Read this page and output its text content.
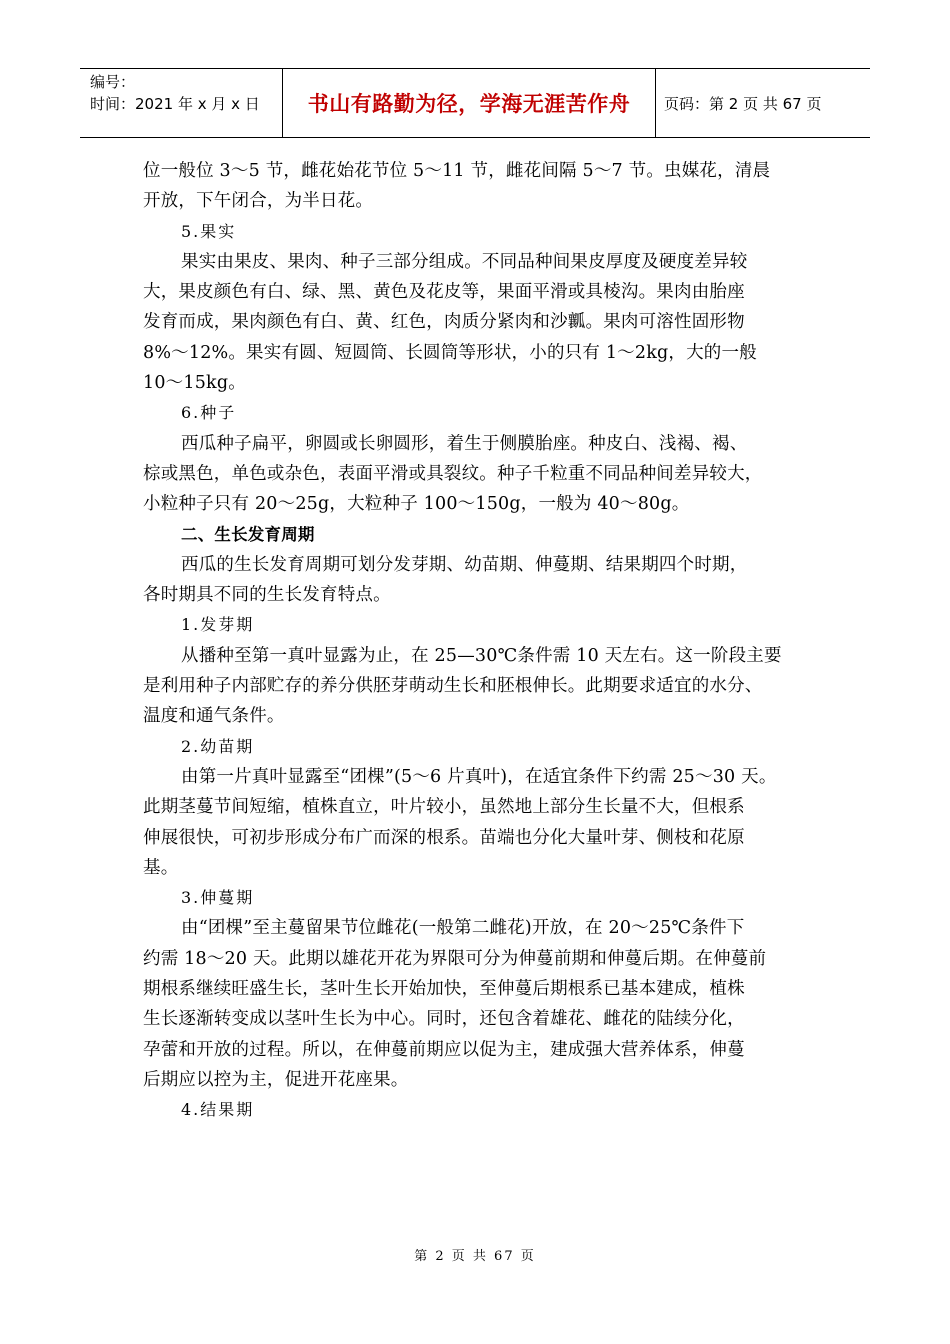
编号：
时间：2021 年 x 月 x 日	书山有路勤为径，学海无涯苦作舟	页码：第 2 页 共 67 页
位一般位 3～5 节，雌花始花节位 5～11 节，雌花间隔 5～7 节。虫媒花，清晨
开放，下午闭合，为半日花。
5.果实
果实由果皮、果肉、种子三部分组成。不同品种间果皮厚度及硬度差异较
大，果皮颜色有白、绿、黑、黄色及花皮等，果面平滑或具棱沟。果肉由胎座
发育而成，果肉颜色有白、黄、红色，肉质分紧肉和沙瓤。果肉可溶性固形物
8%～12%。果实有圆、短圆筒、长圆筒等形状，小的只有 1～2kg，大的一般
10～15kg。
6.种子
西瓜种子扁平，卵圆或长卵圆形，着生于侧膜胎座。种皮白、浅褐、褐、
棕或黑色，单色或杂色，表面平滑或具裂纹。种子千粒重不同品种间差异较大，
小粒种子只有 20～25g，大粒种子 100～150g，一般为 40～80g。
二、生长发育周期
西瓜的生长发育周期可划分发芽期、幼苗期、伸蔓期、结果期四个时期，
各时期具不同的生长发育特点。
1.发芽期
从播种至第一真叶显露为止，在 25—30℃条件需 10 天左右。这一阶段主要
是利用种子内部贮存的养分供胚芽萌动生长和胚根伸长。此期要求适宜的水分、
温度和通气条件。
2.幼苗期
由第一片真叶显露至“团棵”(5～6 片真叶)，在适宜条件下约需 25～30 天。
此期茎蔓节间短缩，植株直立，叶片较小，虽然地上部分生长量不大，但根系
伸展很快，可初步形成分布广而深的根系。苗端也分化大量叶芽、侧枝和花原
基。
3.伸蔓期
由“团棵”至主蔓留果节位雌花(一般第二雌花)开放，在 20～25℃条件下
约需 18～20 天。此期以雄花开花为界限可分为伸蔓前期和伸蔓后期。在伸蔓前
期根系继续旺盛生长，茎叶生长开始加快，至伸蔓后期根系已基本建成，植株
生长逐渐转变成以茎叶生长为中心。同时，还包含着雄花、雌花的陆续分化，
孕蕾和开放的过程。所以，在伸蔓前期应以促为主，建成强大营养体系，伸蔓
后期应以控为主，促进开花座果。
4.结果期
第 2 页 共 67 页
